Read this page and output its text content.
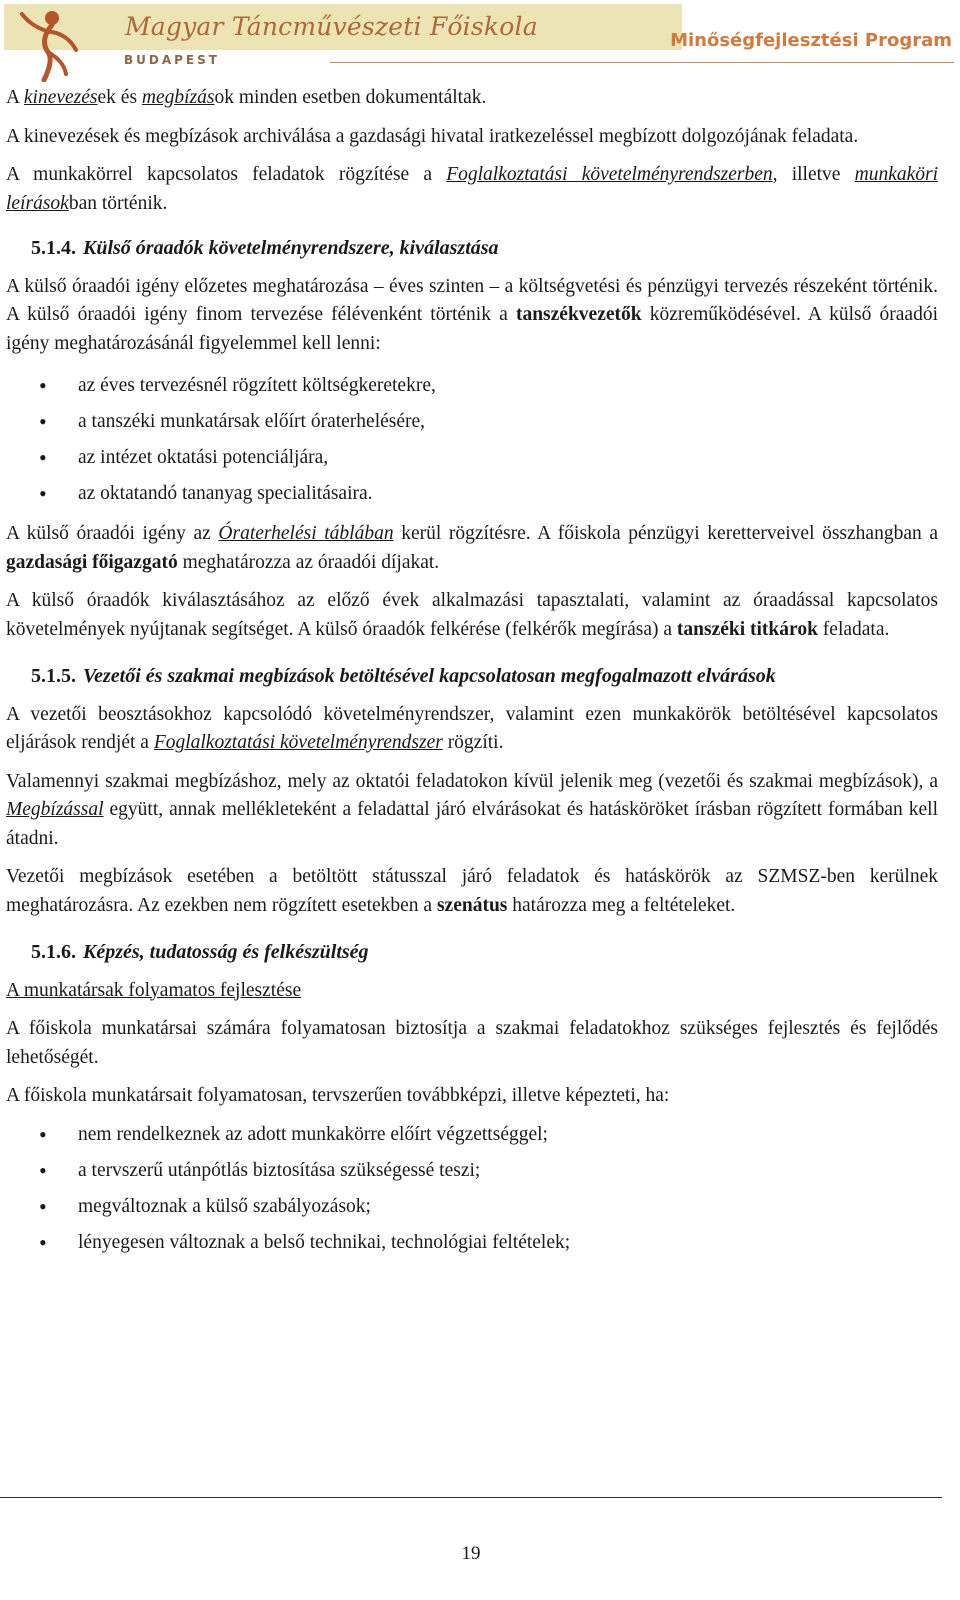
Magyar Táncművészeti Főiskola
BUDAPEST
Minőségfejlesztési Program

A kinevezések és megbízások minden esetben dokumentáltak.

A kinevezések és megbízások archiválása a gazdasági hivatal iratkezeléssel megbízott dolgozójának feladata.

A munkakörrel kapcsolatos feladatok rögzítése a Foglalkoztatási követelményrendszerben, illetve munkaköri leírásokban történik.

5.1.4. Külső óraadók követelményrendszere, kiválasztása

A külső óraadói igény előzetes meghatározása – éves szinten – a költségvetési és pénzügyi tervezés részeként történik. A külső óraadói igény finom tervezése félévenként történik a tanszékvezetők közreműködésével. A külső óraadói igény meghatározásánál figyelemmel kell lenni:

• az éves tervezésnél rögzített költségkeretekre,
• a tanszéki munkatársak előírt óraterhelésére,
• az intézet oktatási potenciáljára,
• az oktatandó tananyag specialitásaira.

A külső óraadói igény az Óraterhelési táblában kerül rögzítésre. A főiskola pénzügyi keretterveivel összhangban a gazdasági főigazgató meghatározza az óraadói díjakat.

A külső óraadók kiválasztásához az előző évek alkalmazási tapasztalati, valamint az óraadással kapcsolatos követelmények nyújtanak segítséget. A külső óraadók felkérése (felkérők megírása) a tanszéki titkárok feladata.

5.1.5. Vezetői és szakmai megbízások betöltésével kapcsolatosan megfogalmazott elvárások

A vezetői beosztásokhoz kapcsolódó követelményrendszer, valamint ezen munkakörök betöltésével kapcsolatos eljárások rendjét a Foglalkoztatási követelményrendszer rögzíti.

Valamennyi szakmai megbízáshoz, mely az oktatói feladatokon kívül jelenik meg (vezetői és szakmai megbízások), a Megbízással együtt, annak mellékleteként a feladattal járó elvárásokat és hatásköröket írásban rögzített formában kell átadni.

Vezetői megbízások esetében a betöltött státusszal járó feladatok és hatáskörök az SZMSZ-ben kerülnek meghatározásra. Az ezekben nem rögzített esetekben a szenátus határozza meg a feltételeket.

5.1.6. Képzés, tudatosság és felkészültség
A munkatársak folyamatos fejlesztése

A főiskola munkatársai számára folyamatosan biztosítja a szakmai feladatokhoz szükséges fejlesztés és fejlődés lehetőségét.

A főiskola munkatársait folyamatosan, tervszerűen továbbképzi, illetve képezteti, ha:

• nem rendelkeznek az adott munkakörre előírt végzettséggel;
• a tervszerű utánpótlás biztosítása szükségessé teszi;
• megváltoznak a külső szabályozások;
• lényegesen változnak a belső technikai, technológiai feltételek;
19
